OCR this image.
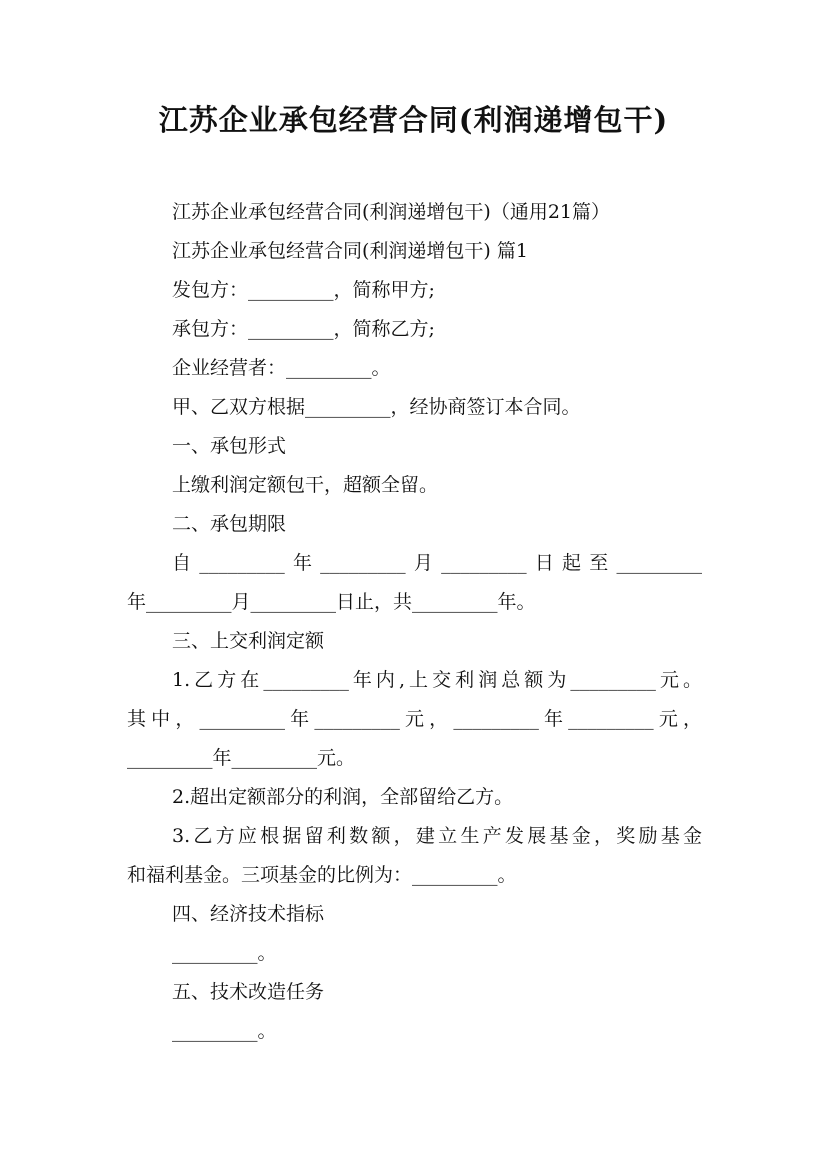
江苏企业承包经营合同(利润递增包干)
江苏企业承包经营合同(利润递增包干)（通用21篇）
江苏企业承包经营合同(利润递增包干) 篇1
发包方：_________，简称甲方;
承包方：_________，简称乙方;
企业经营者：_________。
甲、乙双方根据_________，经协商签订本合同。
一、承包形式
上缴利润定额包干，超额全留。
二、承包期限
自_________年_________月_________日起至_________
年_________月_________日止，共_________年。
三、上交利润定额
1.乙方在_________年内,上交利润总额为_________元。
其中，_________年_________元，_________年_________元，
_________年_________元。
2.超出定额部分的利润，全部留给乙方。
3.乙方应根据留利数额，建立生产发展基金，奖励基金
和福利基金。三项基金的比例为：_________。
四、经济技术指标
_________。
五、技术改造任务
_________。
